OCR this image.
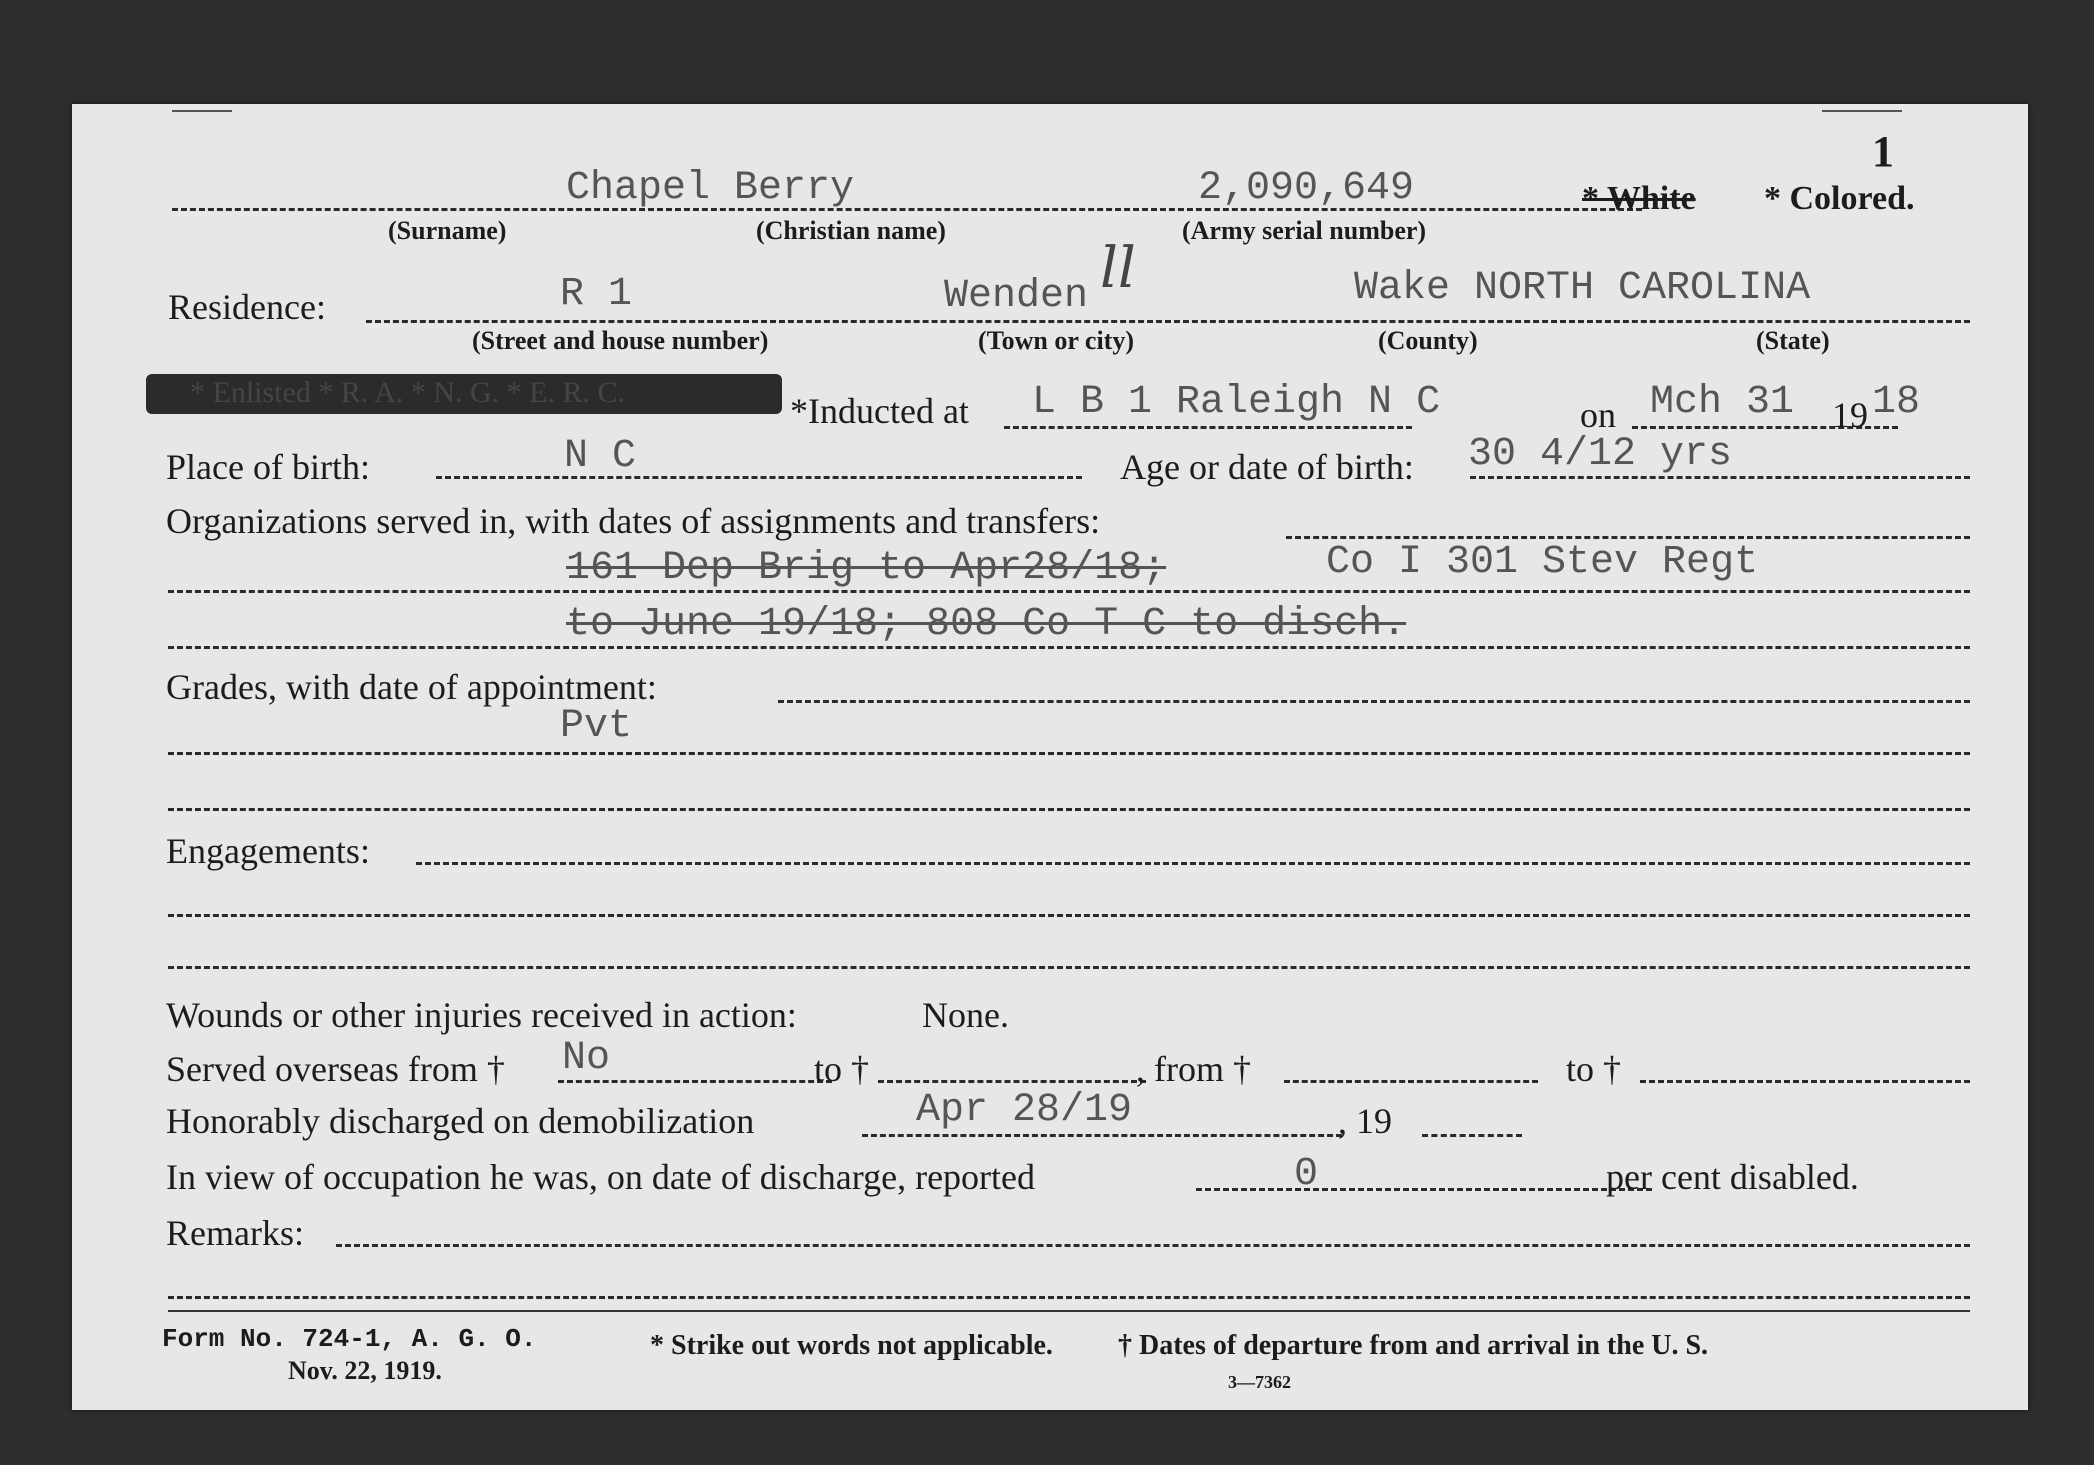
1
Chapel Berry	2,090,649	* White * Colored.
(Surname)	(Christian name)	(Army serial number)
Residence:	R 1	Wenden ll	Wake NORTH CAROLINA
(Street and house number)	(Town or city)	(County)	(State)
* Enlisted * R. A. * N. G. * E. R. C.	*Inducted at L B 1 Raleigh N C	on Mch 31 19 18
Place of birth:	N C	Age or date of birth: 30 4/12 yrs
Organizations served in, with dates of assignments and transfers:
161 Dep Brig to Apr28/18;	Co I 301 Stev Regt
to June 19/18; 808 Co T C to disch.
Grades, with date of appointment:
Pvt
Engagements:
Wounds or other injuries received in action:	None.
Served overseas from † No	to †	, from †	to †
Honorably discharged on demobilization	Apr 28/19	, 19
In view of occupation he was, on date of discharge, reported	0	per cent disabled.
Remarks:
Form No. 724-1, A. G. O.
Nov. 22, 1919.
* Strike out words not applicable. † Dates of departure from and arrival in the U. S.
3—7362
